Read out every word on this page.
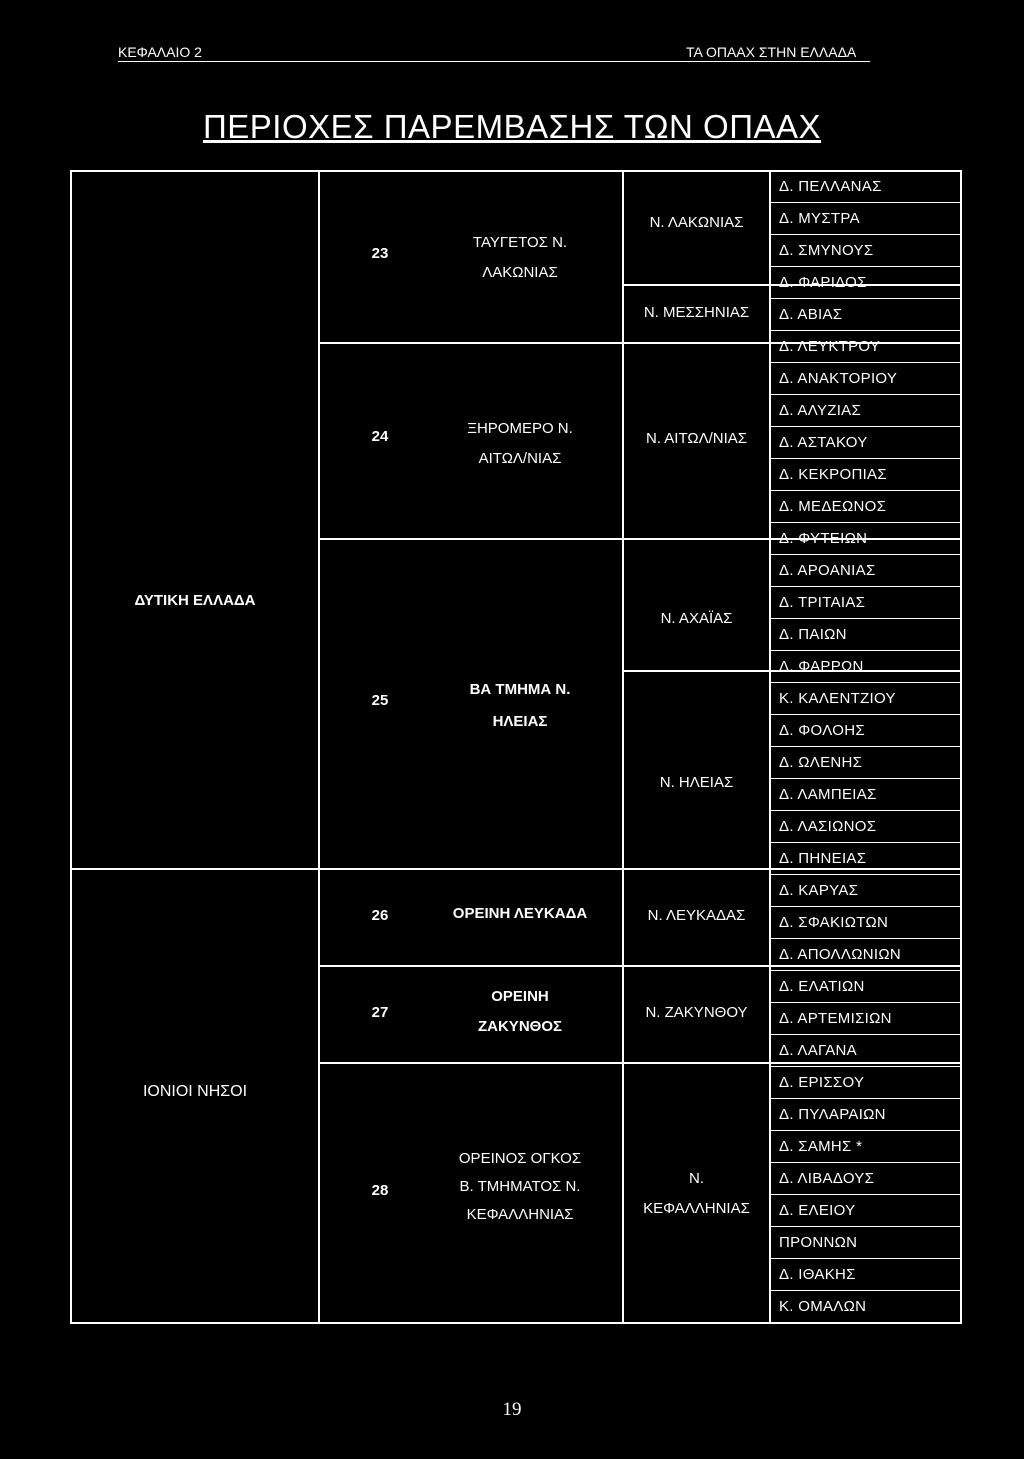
ΚΕΦΑΛΑΙΟ 2	ΤΑ ΟΠΑΑΧ ΣΤΗΝ ΕΛΛΑΔΑ
ΠΕΡΙΟΧΕΣ ΠΑΡΕΜΒΑΣΗΣ ΤΩΝ ΟΠΑΑΧ
ΔΥΤΙΚΗ ΕΛΛΑΔΑ
ΙΟΝΙΟΙ ΝΗΣΟΙ
23
24
25
26
27
28
ΤΑΥΓΕΤΟΣ Ν.
ΛΑΚΩΝΙΑΣ
ΞΗΡΟΜΕΡΟ Ν.
ΑΙΤΩΛ/ΝΙΑΣ
ΒΑ ΤΜΗΜΑ Ν.
ΗΛΕΙΑΣ
ΟΡΕΙΝΗ ΛΕΥΚΑΔΑ
ΟΡΕΙΝΗ
ΖΑΚΥΝΘΟΣ
ΟΡΕΙΝΟΣ ΟΓΚΟΣ
Β. ΤΜΗΜΑΤΟΣ Ν.
ΚΕΦΑΛΛΗΝΙΑΣ
Ν. ΛΑΚΩΝΙΑΣ
Ν. ΜΕΣΣΗΝΙΑΣ
Ν. ΑΙΤΩΛ/ΝΙΑΣ
Ν. ΑΧΑΪΑΣ
Ν. ΗΛΕΙΑΣ
Ν. ΛΕΥΚΑΔΑΣ
Ν. ΖΑΚΥΝΘΟΥ
Ν.
ΚΕΦΑΛΛΗΝΙΑΣ
Δ. ΠΕΛΛΑΝΑΣ
Δ. ΜΥΣΤΡΑ
Δ. ΣΜΥΝΟΥΣ
Δ. ΦΑΡΙΔΟΣ
Δ. ΑΒΙΑΣ
Δ. ΛΕΥΚΤΡΟΥ
Δ. ΑΝΑΚΤΟΡΙΟΥ
Δ. ΑΛΥΖΙΑΣ
Δ. ΑΣΤΑΚΟΥ
Δ. ΚΕΚΡΟΠΙΑΣ
Δ. ΜΕΔΕΩΝΟΣ
Δ. ΦΥΤΕΙΩΝ
Δ. ΑΡΟΑΝΙΑΣ
Δ. ΤΡΙΤΑΙΑΣ
Δ. ΠΑΙΩΝ
Δ. ΦΑΡΡΩΝ
Κ. ΚΑΛΕΝΤΖΙΟΥ
Δ. ΦΟΛΟΗΣ
Δ. ΩΛΕΝΗΣ
Δ. ΛΑΜΠΕΙΑΣ
Δ. ΛΑΣΙΩΝΟΣ
Δ. ΠΗΝΕΙΑΣ
Δ. ΚΑΡΥΑΣ
Δ. ΣΦΑΚΙΩΤΩΝ
Δ. ΑΠΟΛΛΩΝΙΩΝ
Δ. ΕΛΑΤΙΩΝ
Δ. ΑΡΤΕΜΙΣΙΩΝ
Δ. ΛΑΓΑΝΑ
Δ. ΕΡΙΣΣΟΥ
Δ. ΠΥΛΑΡΑΙΩΝ
Δ. ΣΑΜΗΣ *
Δ. ΛΙΒΑΔΟΥΣ
Δ. ΕΛΕΙΟΥ
ΠΡΟΝΝΩΝ
Δ. ΙΘΑΚΗΣ
Κ. ΟΜΑΛΩΝ
19
